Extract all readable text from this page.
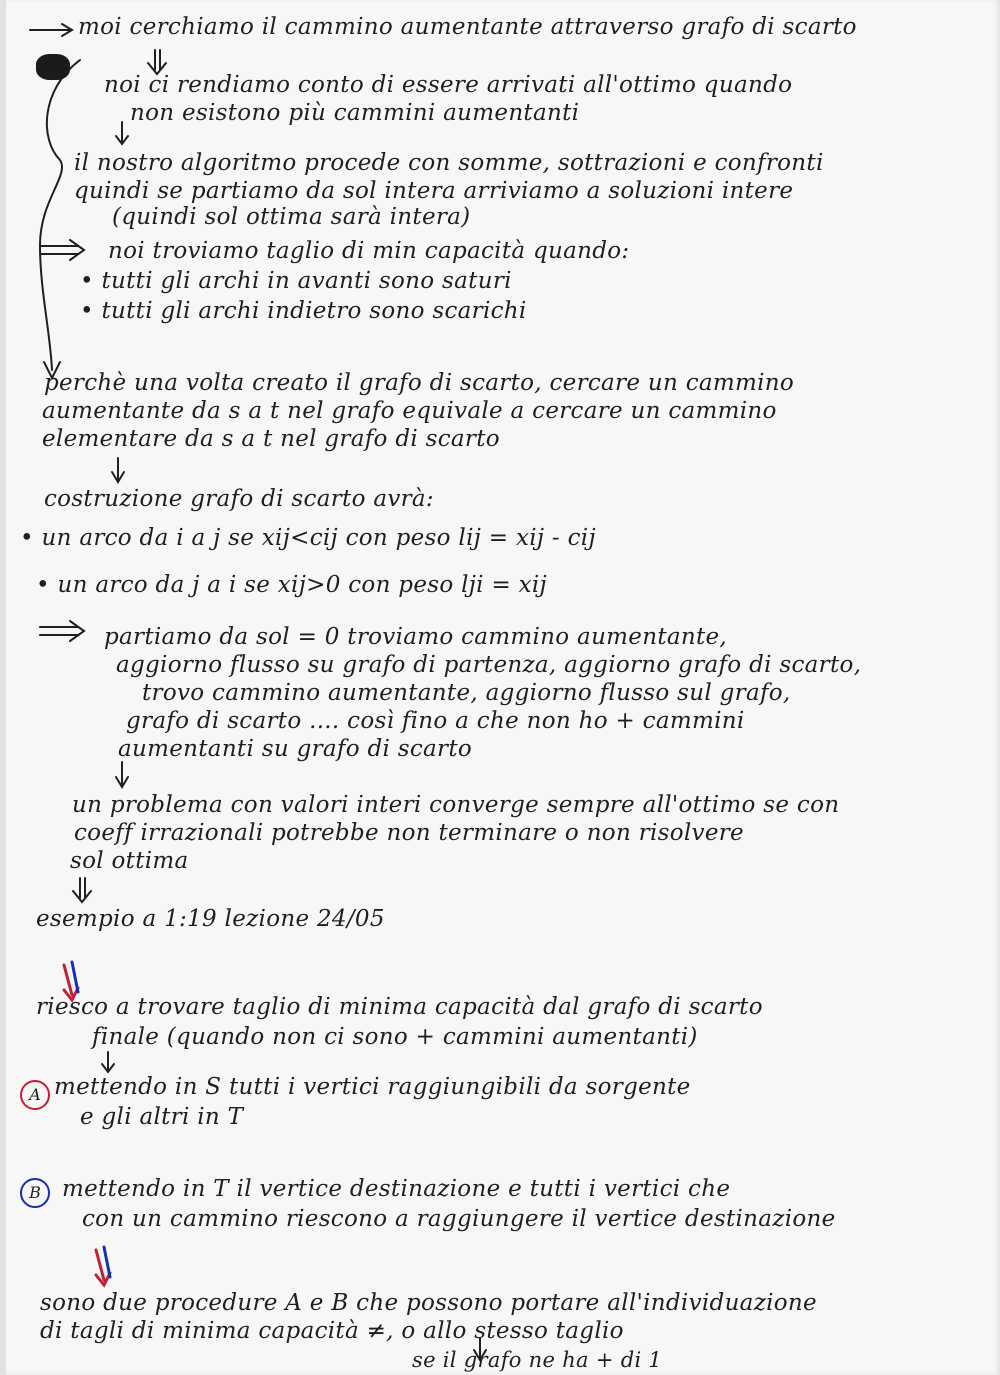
moi cerchiamo il cammino aumentante attraverso grafo di scarto
noi ci rendiamo conto di essere arrivati all'ottimo quando
non esistono più cammini aumentanti
il nostro algoritmo procede con somme, sottrazioni e confronti
quindi se partiamo da sol intera arriviamo a soluzioni intere
(quindi sol ottima sarà intera)
noi troviamo taglio di min capacità quando:
• tutti gli archi in avanti sono saturi
• tutti gli archi indietro sono scarichi
perchè una volta creato il grafo di scarto, cercare un cammino
aumentante da s a t nel grafo equivale a cercare un cammino
elementare da s a t nel grafo di scarto
costruzione grafo di scarto avrà:
• un arco da i a j se xij<cij con peso lij = xij - cij
• un arco da j a i se xij>0 con peso lji = xij
partiamo da sol = 0 troviamo cammino aumentante,
aggiorno flusso su grafo di partenza, aggiorno grafo di scarto,
trovo cammino aumentante, aggiorno flusso sul grafo,
grafo di scarto .... così fino a che non ho + cammini
aumentanti su grafo di scarto
un problema con valori interi converge sempre all'ottimo se con
coeff irrazionali potrebbe non terminare o non risolvere
sol ottima
esempio a 1:19 lezione 24/05
riesco a trovare taglio di minima capacità dal grafo di scarto
finale (quando non ci sono + cammini aumentanti)
A mettendo in S tutti i vertici raggiungibili da sorgente
e gli altri in T
B mettendo in T il vertice destinazione e tutti i vertici che
con un cammino riescono a raggiungere il vertice destinazione
sono due procedure A e B che possono portare all'individuazione
di tagli di minima capacità ≠, o allo stesso taglio
se il grafo ne ha + di 1
